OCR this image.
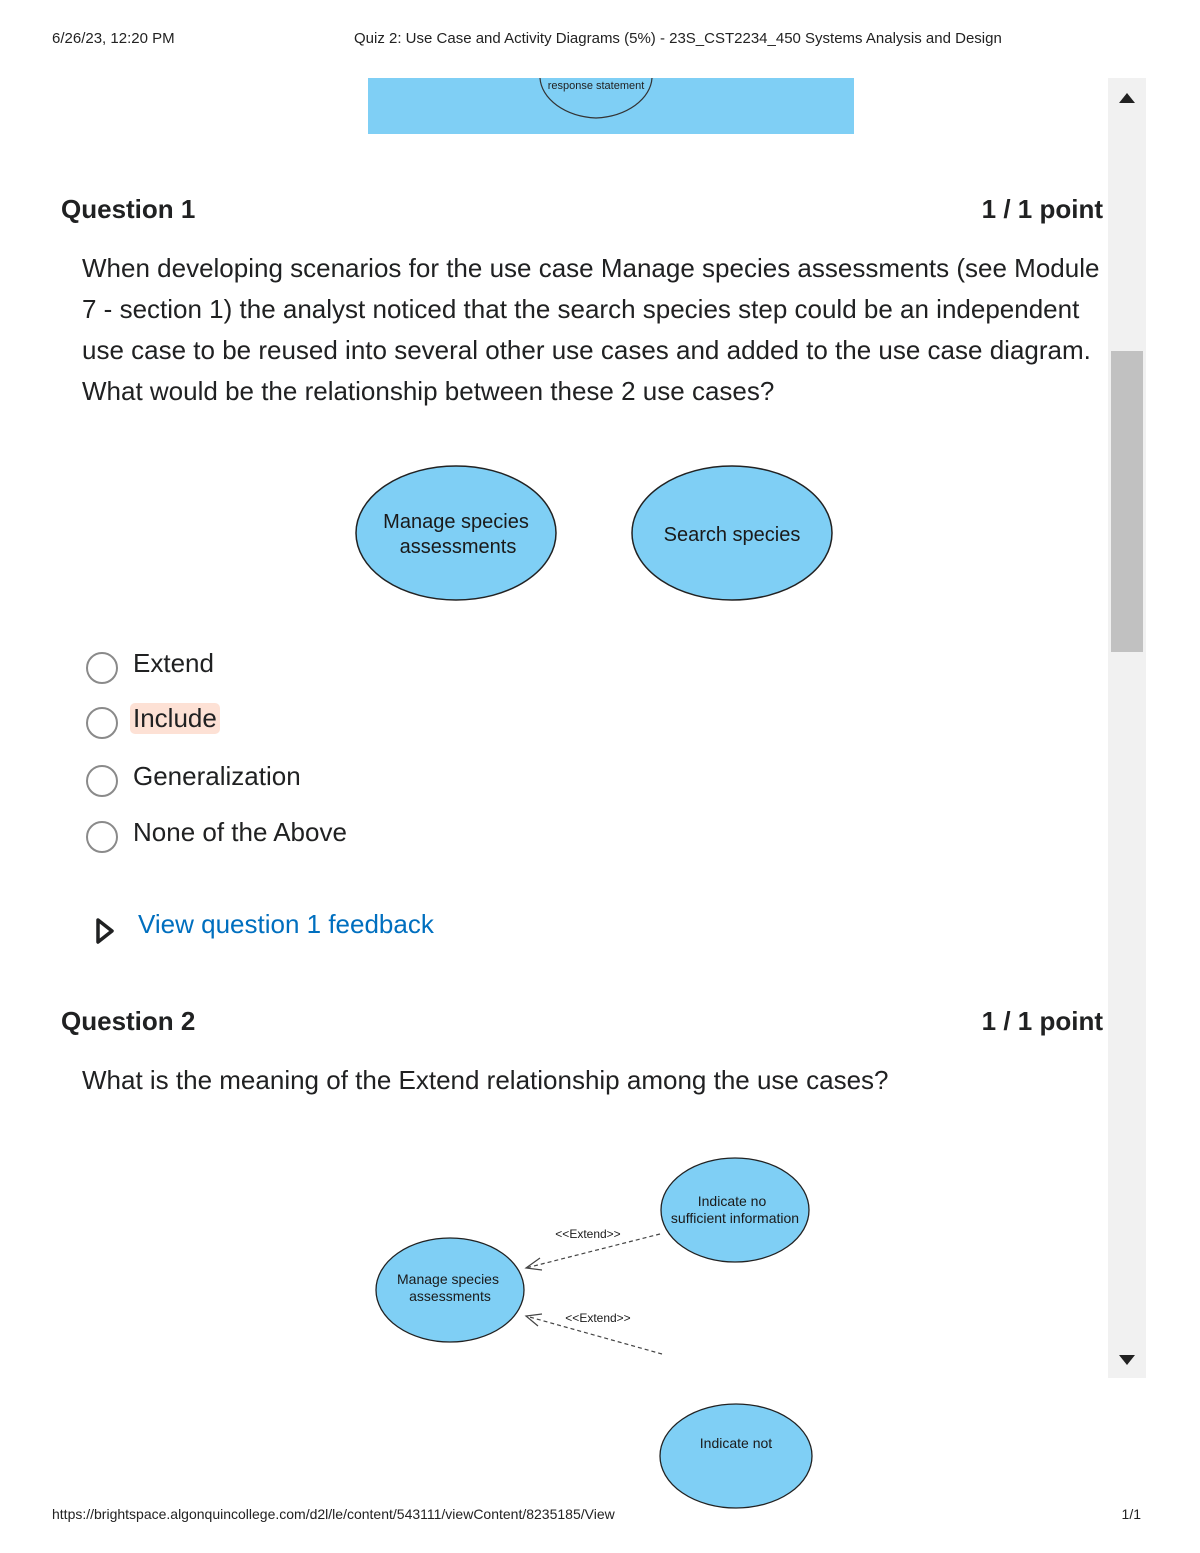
6/26/23, 12:20 PM	Quiz 2: Use Case and Activity Diagrams (5%) - 23S_CST2234_450 Systems Analysis and Design
response statement
Question 1	1 / 1 point
When developing scenarios for the use case Manage species assessments (see Module 7 - section 1) the analyst noticed that the search species step could be an independent use case to be reused into several other use cases and added to the use case diagram. What would be the relationship between these 2 use cases?
Manage species
assessments
Search species
Extend
Include
Generalization
None of the Above
View question 1 feedback
Question 2	1 / 1 point
What is the meaning of the Extend relationship among the use cases?
Indicate no
sufficient information
Manage species
assessments
Indicate not
<<Extend>>
<<Extend>>
https://brightspace.algonquincollege.com/d2l/le/content/543111/viewContent/8235185/View	1/1
